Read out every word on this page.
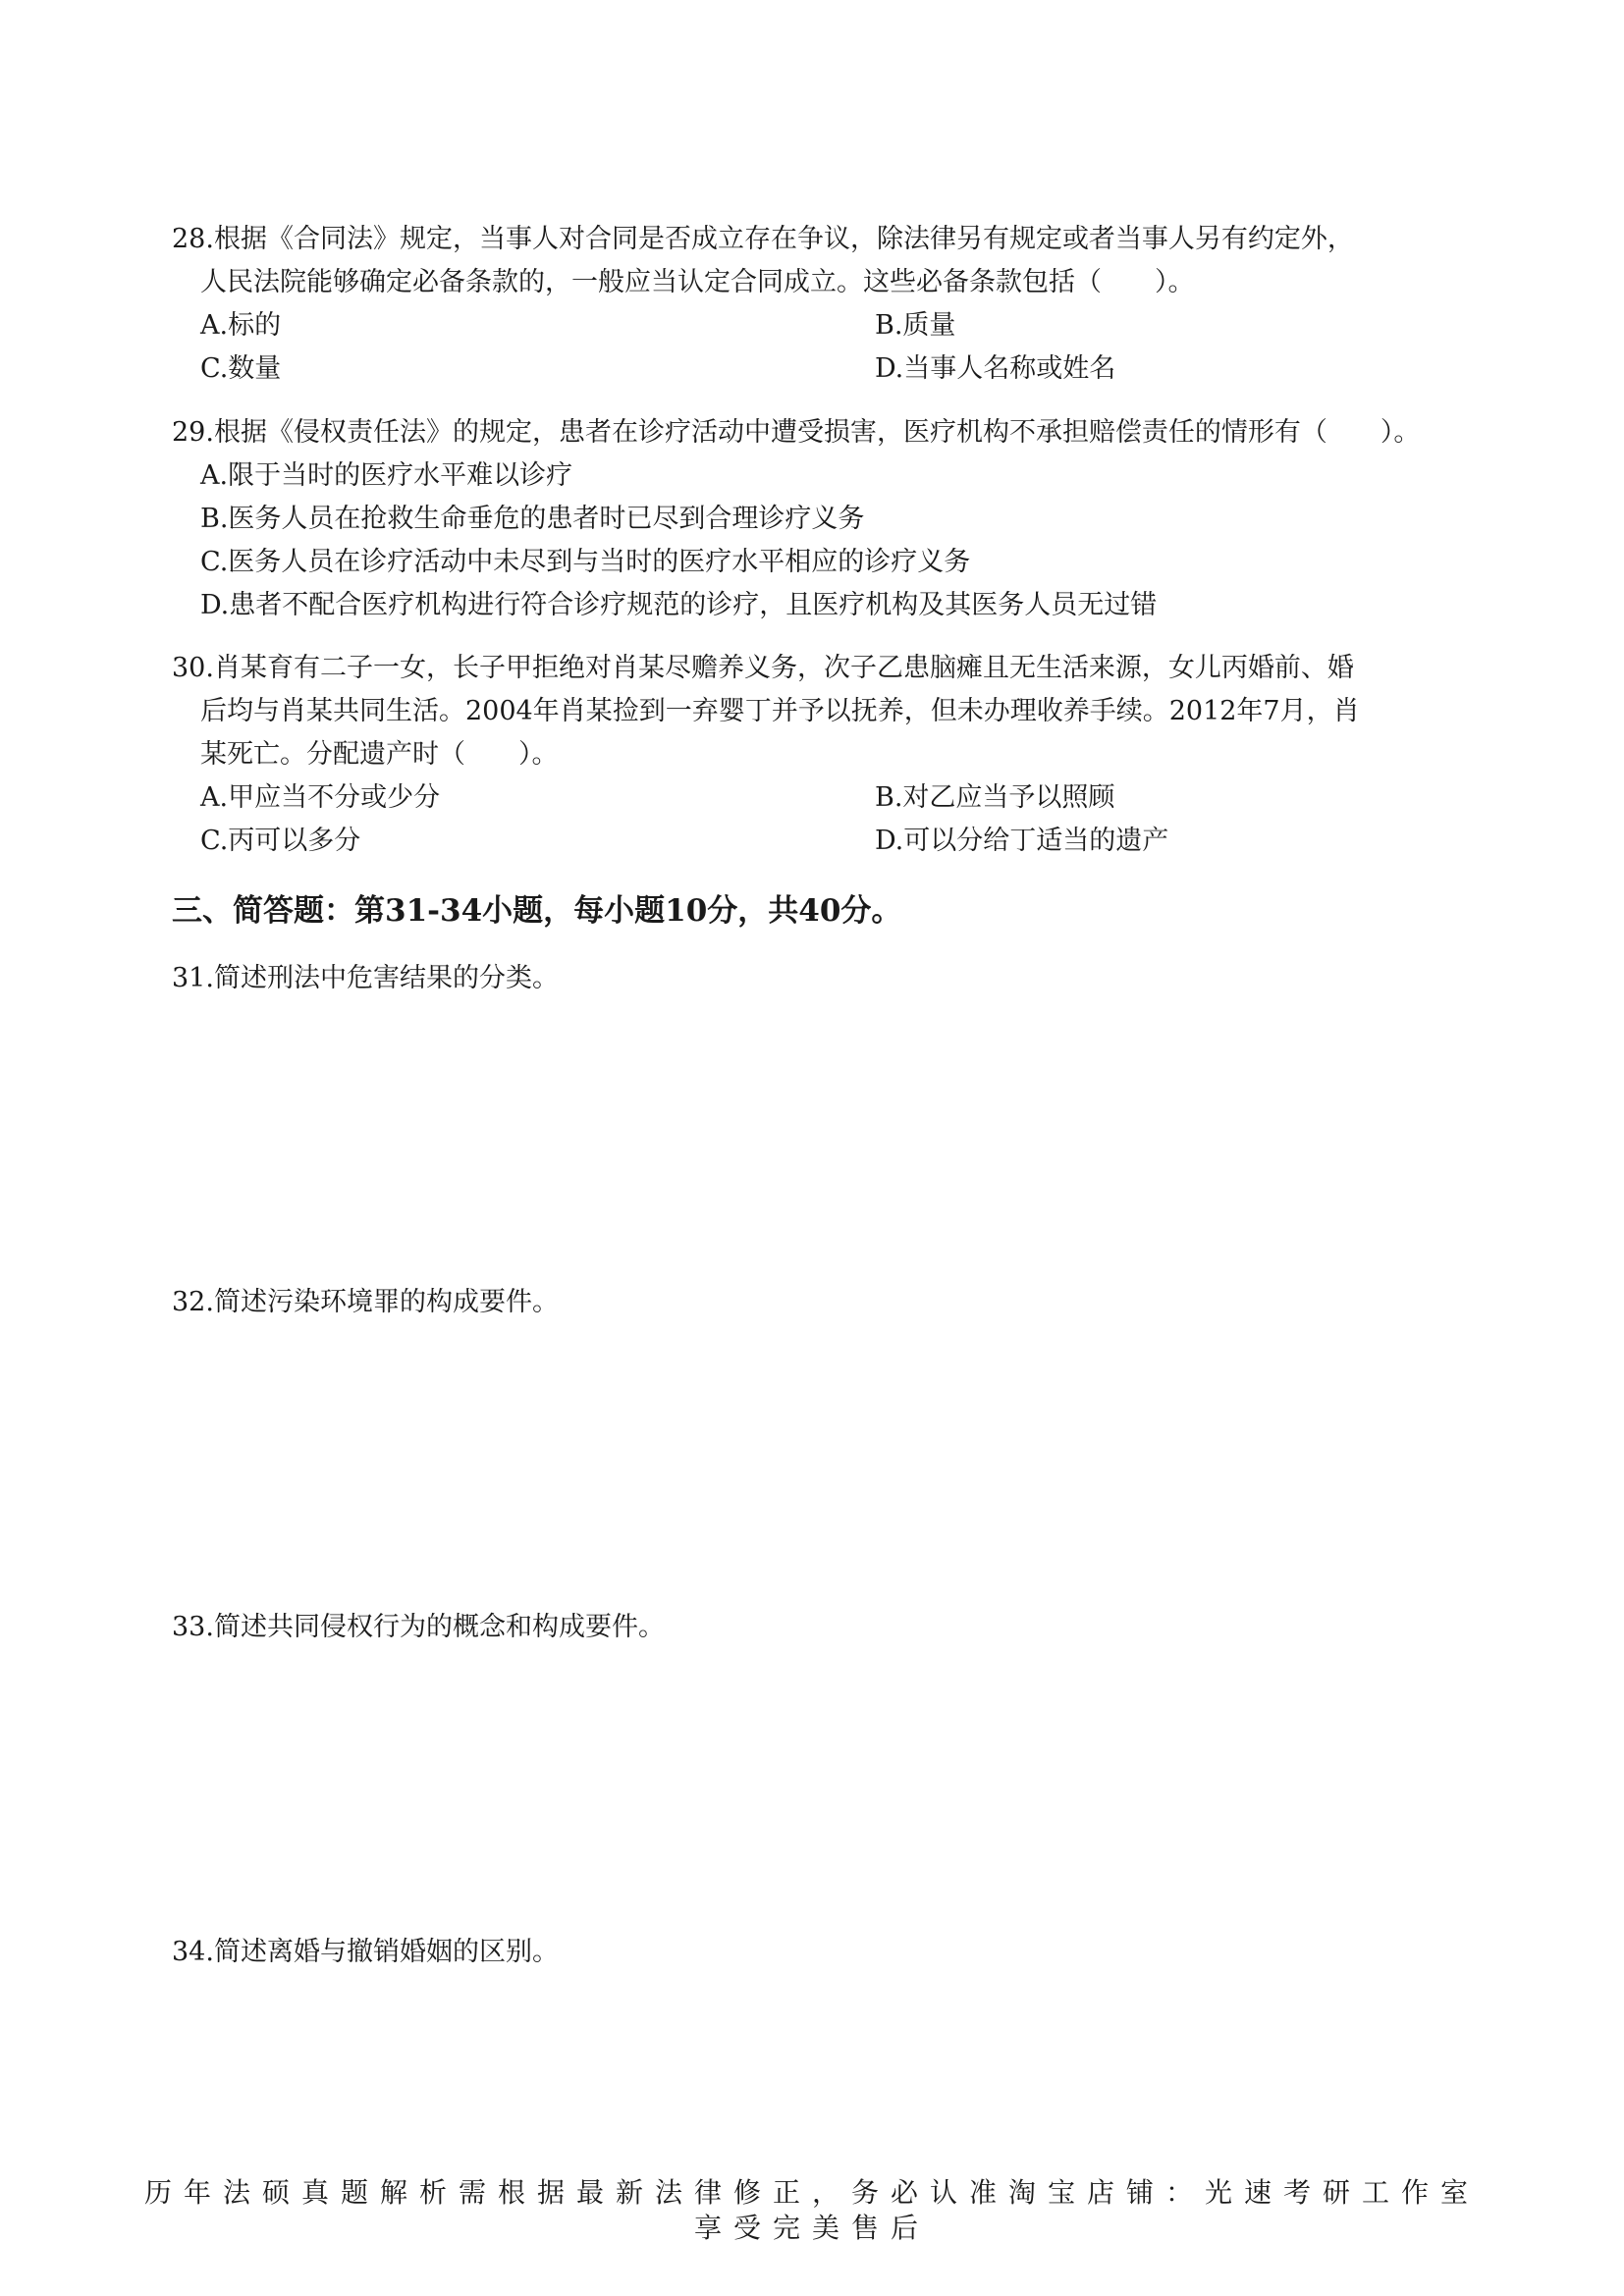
28.根据《合同法》规定，当事人对合同是否成立存在争议，除法律另有规定或者当事人另有约定外，
人民法院能够确定必备条款的，一般应当认定合同成立。这些必备条款包括（　　）。
A.标的	B.质量
C.数量	D.当事人名称或姓名
29.根据《侵权责任法》的规定，患者在诊疗活动中遭受损害，医疗机构不承担赔偿责任的情形有（　　）。
A.限于当时的医疗水平难以诊疗
B.医务人员在抢救生命垂危的患者时已尽到合理诊疗义务
C.医务人员在诊疗活动中未尽到与当时的医疗水平相应的诊疗义务
D.患者不配合医疗机构进行符合诊疗规范的诊疗，且医疗机构及其医务人员无过错
30.肖某育有二子一女，长子甲拒绝对肖某尽赡养义务，次子乙患脑瘫且无生活来源，女儿丙婚前、婚
后均与肖某共同生活。2004年肖某捡到一弃婴丁并予以抚养，但未办理收养手续。2012年7月，肖
某死亡。分配遗产时（　　）。
A.甲应当不分或少分	B.对乙应当予以照顾
C.丙可以多分	D.可以分给丁适当的遗产
三、简答题：第31-34小题，每小题10分，共40分。
31.简述刑法中危害结果的分类。
32.简述污染环境罪的构成要件。
33.简述共同侵权行为的概念和构成要件。
34.简述离婚与撤销婚姻的区别。
历年法硕真题解析需根据最新法律修正，务必认准淘宝店铺：光速考研工作室
享受完美售后
